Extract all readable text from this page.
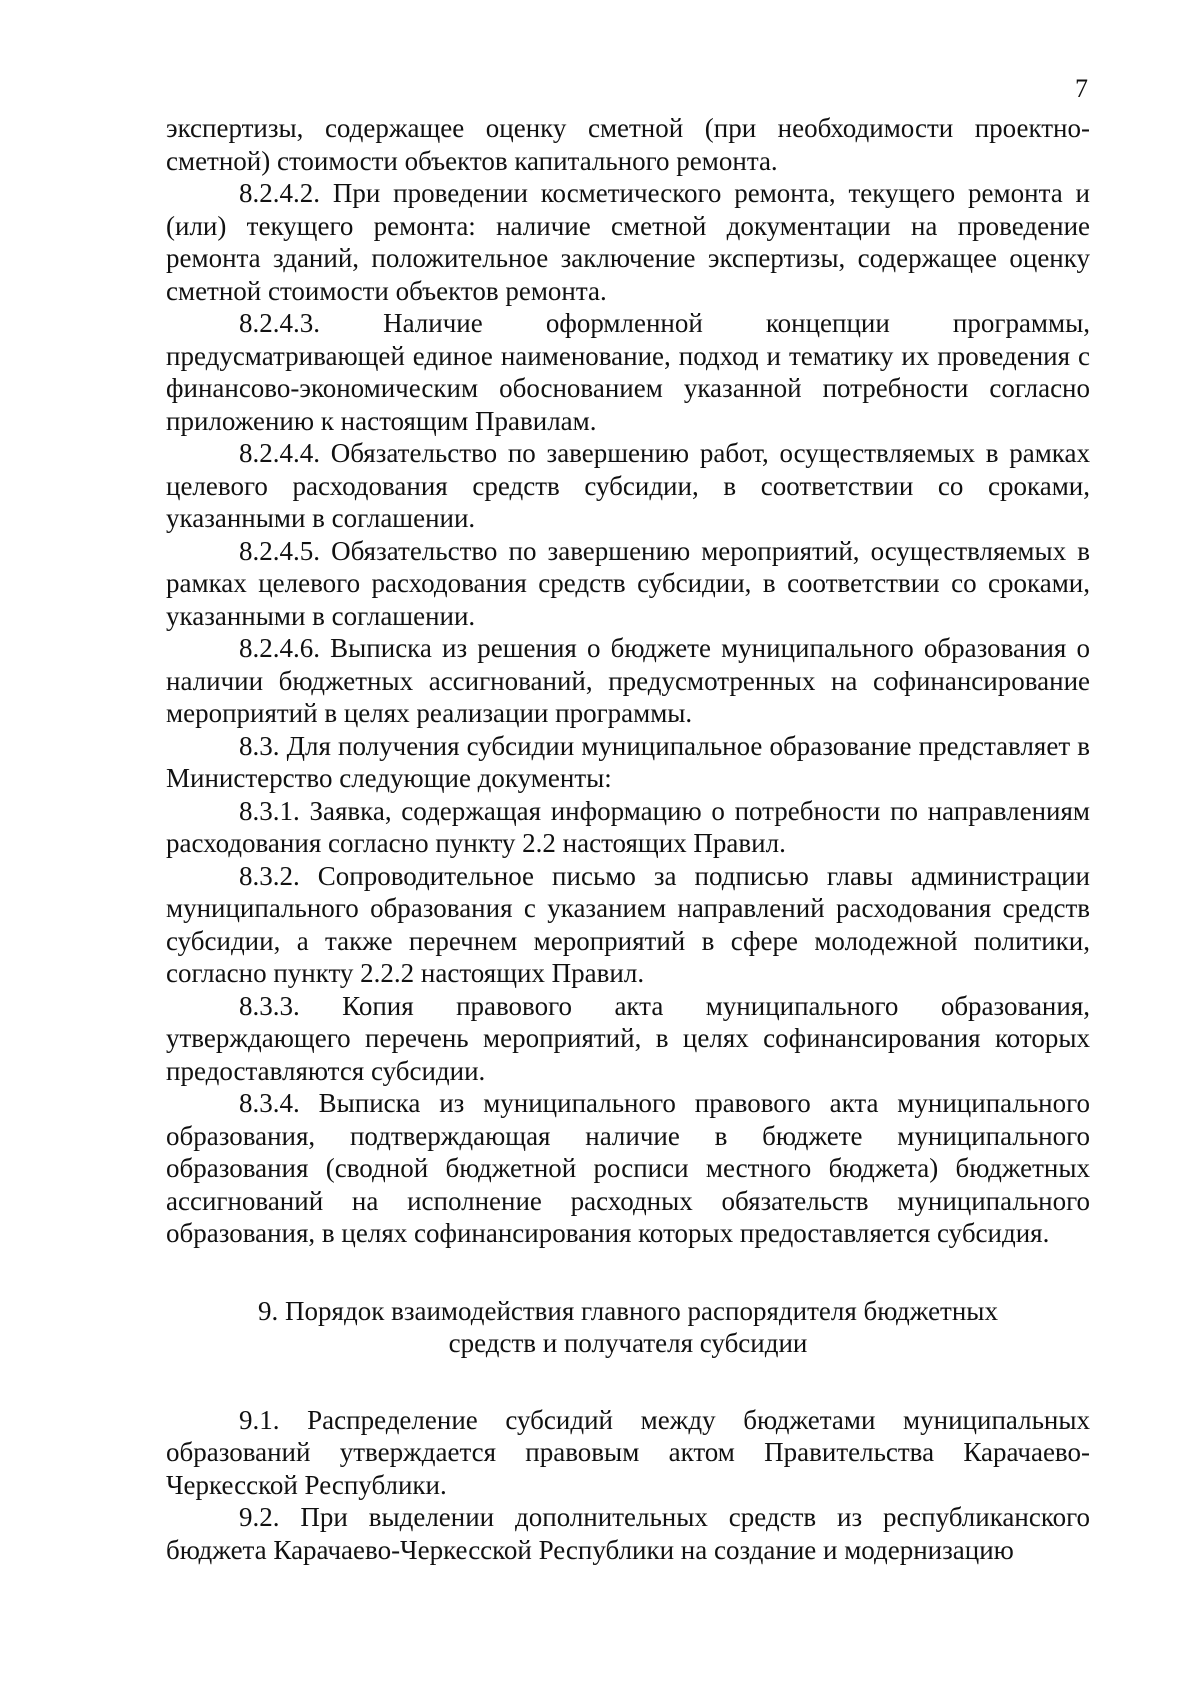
7

экспертизы, содержащее оценку сметной (при необходимости проектно-сметной) стоимости объектов капитального ремонта.

8.2.4.2. При проведении косметического ремонта, текущего ремонта и (или) текущего ремонта: наличие сметной документации на проведение ремонта зданий, положительное заключение экспертизы, содержащее оценку сметной стоимости объектов ремонта.

8.2.4.3. Наличие оформленной концепции программы, предусматривающей единое наименование, подход и тематику их проведения с финансово-экономическим обоснованием указанной потребности согласно приложению к настоящим Правилам.

8.2.4.4. Обязательство по завершению работ, осуществляемых в рамках целевого расходования средств субсидии, в соответствии со сроками, указанными в соглашении.

8.2.4.5. Обязательство по завершению мероприятий, осуществляемых в рамках целевого расходования средств субсидии, в соответствии со сроками, указанными в соглашении.

8.2.4.6. Выписка из решения о бюджете муниципального образования о наличии бюджетных ассигнований, предусмотренных на софинансирование мероприятий в целях реализации программы.

8.3. Для получения субсидии муниципальное образование представляет в Министерство следующие документы:

8.3.1. Заявка, содержащая информацию о потребности по направлениям расходования согласно пункту 2.2 настоящих Правил.

8.3.2. Сопроводительное письмо за подписью главы администрации муниципального образования с указанием направлений расходования средств субсидии, а также перечнем мероприятий в сфере молодежной политики, согласно пункту 2.2.2 настоящих Правил.

8.3.3. Копия правового акта муниципального образования, утверждающего перечень мероприятий, в целях софинансирования которых предоставляются субсидии.

8.3.4. Выписка из муниципального правового акта муниципального образования, подтверждающая наличие в бюджете муниципального образования (сводной бюджетной росписи местного бюджета) бюджетных ассигнований на исполнение расходных обязательств муниципального образования, в целях софинансирования которых предоставляется субсидия.

9. Порядок взаимодействия главного распорядителя бюджетных
средств и получателя субсидии

9.1. Распределение субсидий между бюджетами муниципальных образований утверждается правовым актом Правительства Карачаево-Черкесской Республики.

9.2. При выделении дополнительных средств из республиканского бюджета Карачаево-Черкесской Республики на создание и модернизацию
